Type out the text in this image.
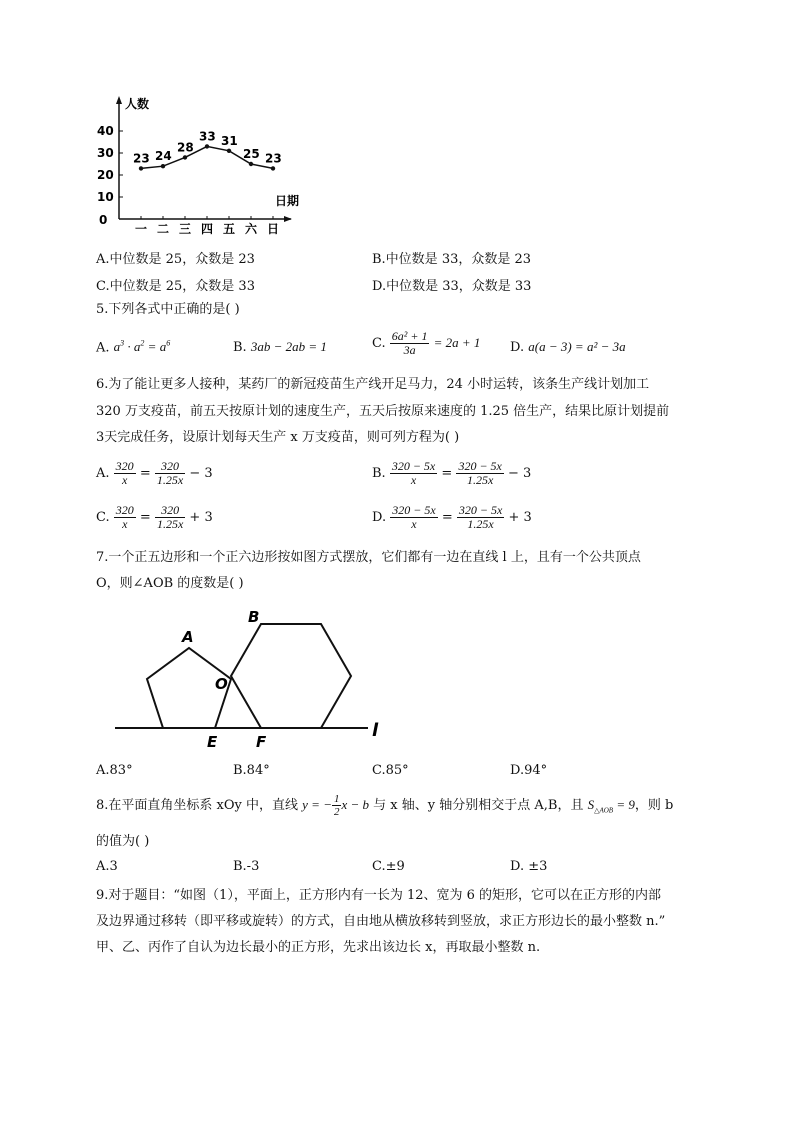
人数
日期
0
10
20
30
40
23
一
24
二
28
三
33
四
31
五
25
六
23
日
A.中位数是 25，众数是 23	B.中位数是 33，众数是 23
C.中位数是 25，众数是 33	D.中位数是 33，众数是 33
5.下列各式中正确的是( )
A. $a^3 \cdot a^2 = a^6$	B. 3ab − 2ab = 1	C. $\frac{\text{6a² + 1}}{3a} = 2a + 1$ D. a(a − 3) = a² − 3a
6.为了能让更多人接种，某药厂的新冠疫苗生产线开足马力，24 小时运转，该条生产线计划加工
320 万支疫苗，前五天按原计划的速度生产，五天后按原来速度的 1.25 倍生产，结果比原计划提前
3天完成任务，设原计划每天生产 x 万支疫苗，则可列方程为( )
A. $\frac{320}{x} = \frac{320}{1.25x} - 3$	B. $\frac{320 - 5x}{x} = \frac{320 - 5x}{1.25x} - 3$
C. $\frac{320}{x} = \frac{320}{1.25x} + 3$	D. $\frac{320 - 5x}{x} = \frac{320 - 5x}{1.25x} + 3$
7.一个正五边形和一个正六边形按如图方式摆放，它们都有一边在直线 l 上，且有一个公共顶点
O，则∠AOB 的度数是( )
A
B
O
E	F
l
A.83°	B.84°	C.85°	D.94°
8.在平面直角坐标系 xOy 中，直线 y = − $\frac{1}{2}$ x − b 与 x 轴、y 轴分别相交于点 A,B，且 $S_{\triangle AOB} = 9$，则 b
的值为( )
A.3	B.-3	C.±9	D. ±3
9.对于题目：“如图（1），平面上，正方形内有一长为 12、宽为 6 的矩形，它可以在正方形的内部
及边界通过移转（即平移或旋转）的方式，自由地从横放移转到竖放，求正方形边长的最小整数 n.”
甲、乙、丙作了自认为边长最小的正方形，先求出该边长 x，再取最小整数 n.
